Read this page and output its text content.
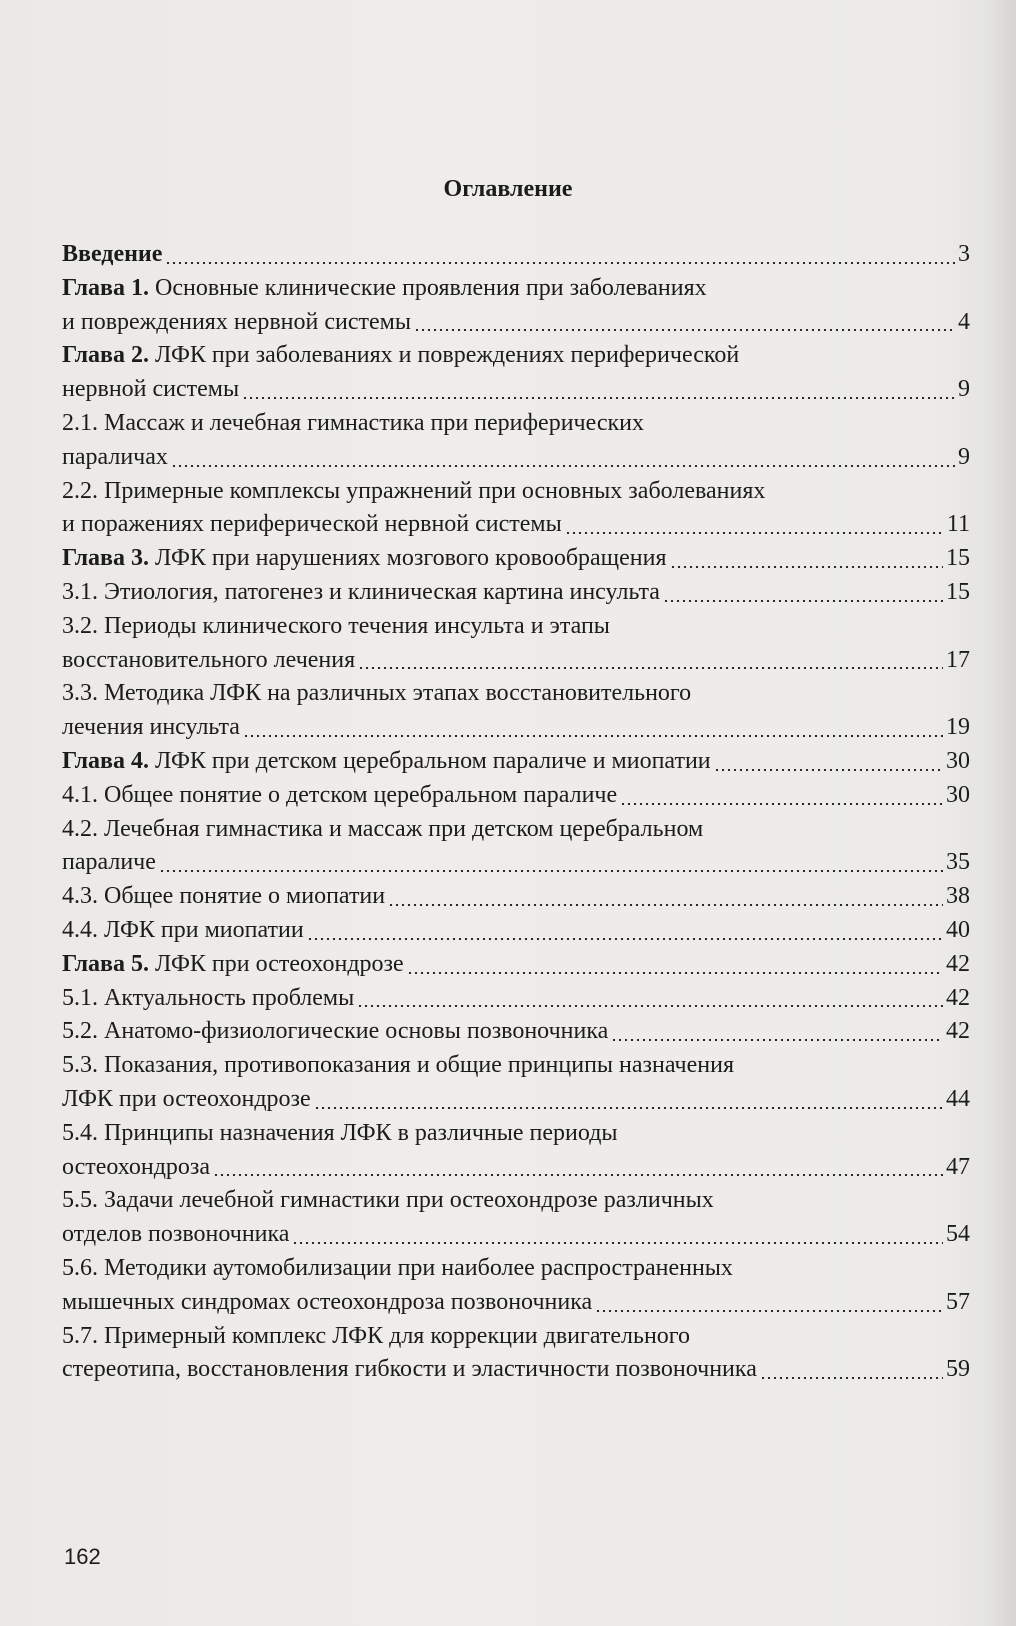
Оглавление
Введение	3
Глава 1. Основные клинические проявления при заболеваниях
и повреждениях нервной системы	4
Глава 2. ЛФК при заболеваниях и повреждениях периферической
нервной системы	9
2.1. Массаж и лечебная гимнастика при периферических
параличах	9
2.2. Примерные комплексы упражнений при основных заболеваниях
и поражениях периферической нервной системы	11
Глава 3. ЛФК при нарушениях мозгового кровообращения	15
3.1. Этиология, патогенез и клиническая картина инсульта	15
3.2. Периоды клинического течения инсульта и этапы
восстановительного лечения	17
3.3. Методика ЛФК на различных этапах восстановительного
лечения инсульта	19
Глава 4. ЛФК при детском церебральном параличе и миопатии	30
4.1. Общее понятие о детском церебральном параличе	30
4.2. Лечебная гимнастика и массаж при детском церебральном
параличе	35
4.3. Общее понятие о миопатии	38
4.4. ЛФК при миопатии	40
Глава 5. ЛФК при остеохондрозе	42
5.1. Актуальность проблемы	42
5.2. Анатомо-физиологические основы позвоночника	42
5.3. Показания, противопоказания и общие принципы назначения
ЛФК при остеохондрозе	44
5.4. Принципы назначения ЛФК в различные периоды
остеохондроза	47
5.5. Задачи лечебной гимнастики при остеохондрозе различных
отделов позвоночника	54
5.6. Методики аутомобилизации при наиболее распространенных
мышечных синдромах остеохондроза позвоночника	57
5.7. Примерный комплекс ЛФК для коррекции двигательного
стереотипа, восстановления гибкости и эластичности позвоночника	59
162
